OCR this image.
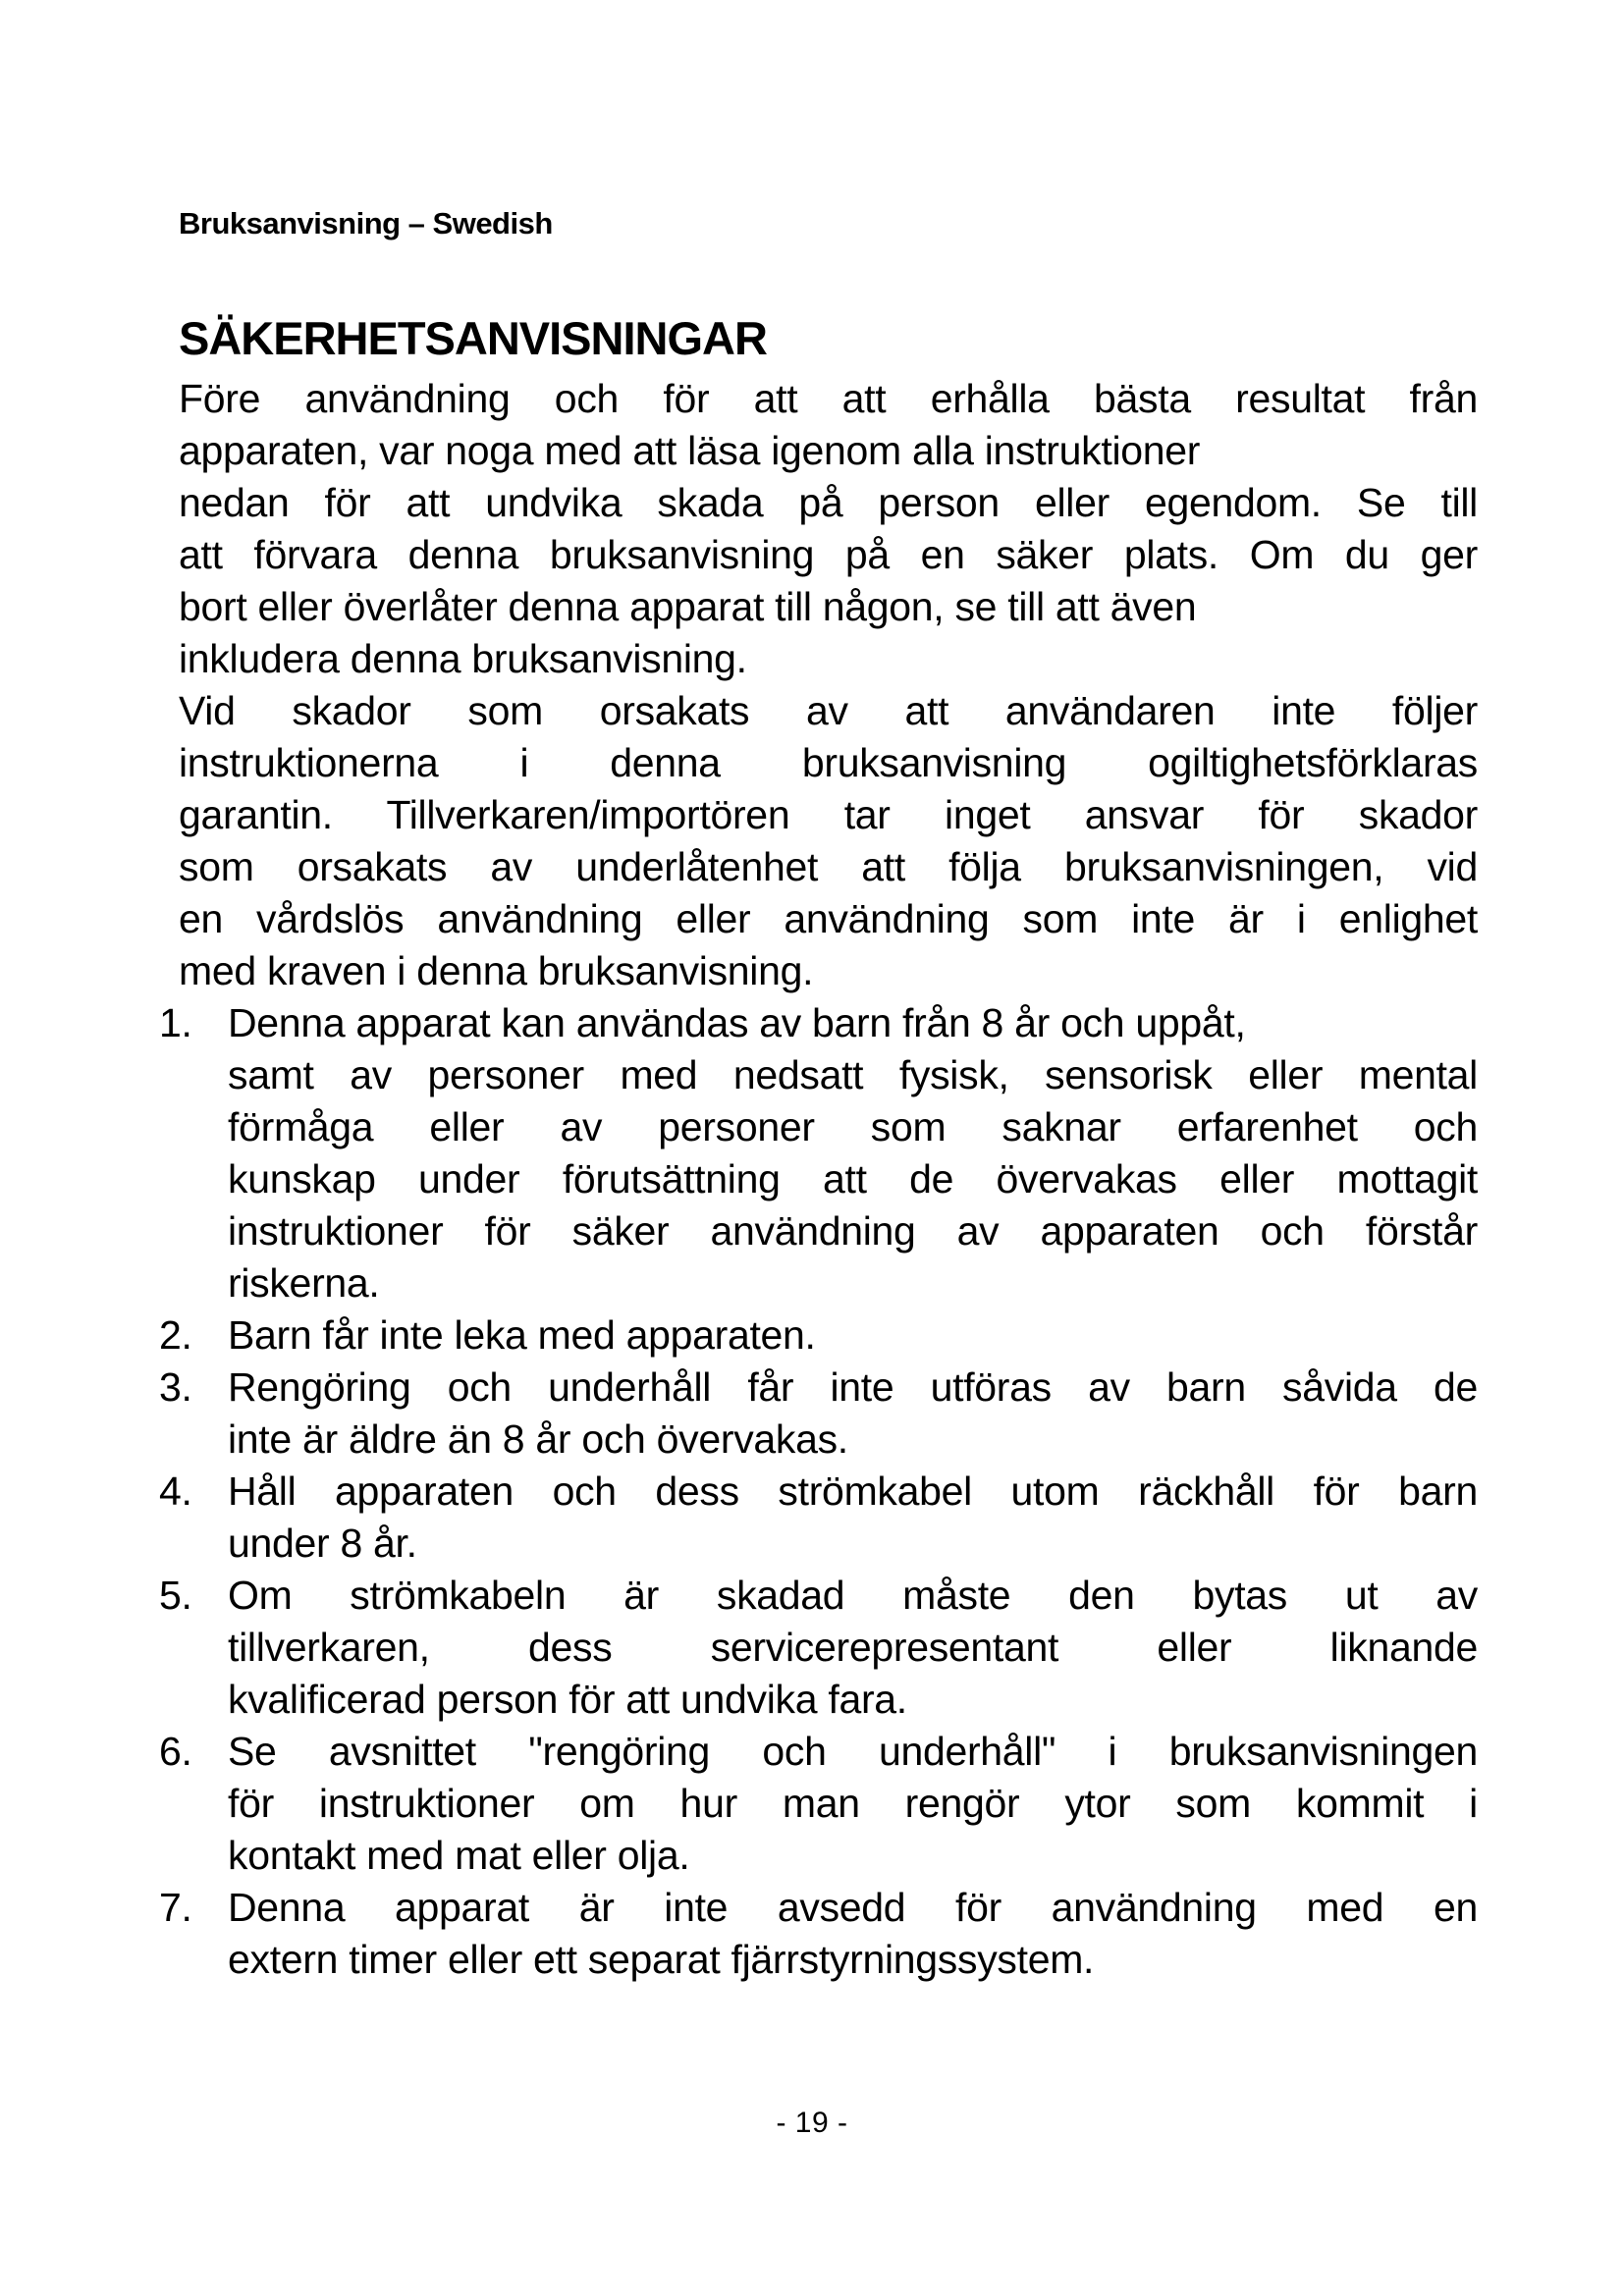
Bruksanvisning – Swedish
SÄKERHETSANVISNINGAR
Före användning och för att att erhålla bästa resultat från
apparaten, var noga med att läsa igenom alla instruktioner
nedan för att undvika skada på person eller egendom. Se till
att förvara denna bruksanvisning på en säker plats. Om du ger
bort eller överlåter denna apparat till någon, se till att även
inkludera denna bruksanvisning.
Vid skador som orsakats av att användaren inte följer
instruktionerna i denna bruksanvisning ogiltighetsförklaras
garantin. Tillverkaren/importören tar inget ansvar för skador
som orsakats av underlåtenhet att följa bruksanvisningen, vid
en vårdslös användning eller användning som inte är i enlighet
med kraven i denna bruksanvisning.
1. Denna apparat kan användas av barn från 8 år och uppåt,
samt av personer med nedsatt fysisk, sensorisk eller mental
förmåga eller av personer som saknar erfarenhet och
kunskap under förutsättning att de övervakas eller mottagit
instruktioner för säker användning av apparaten och förstår
riskerna.
2. Barn får inte leka med apparaten.
3. Rengöring och underhåll får inte utföras av barn såvida de
inte är äldre än 8 år och övervakas.
4. Håll apparaten och dess strömkabel utom räckhåll för barn
under 8 år.
5. Om strömkabeln är skadad måste den bytas ut av
tillverkaren, dess servicerepresentant eller liknande
kvalificerad person för att undvika fara.
6. Se avsnittet "rengöring och underhåll" i bruksanvisningen
för instruktioner om hur man rengör ytor som kommit i
kontakt med mat eller olja.
7. Denna apparat är inte avsedd för användning med en
extern timer eller ett separat fjärrstyrningssystem.
- 19 -
